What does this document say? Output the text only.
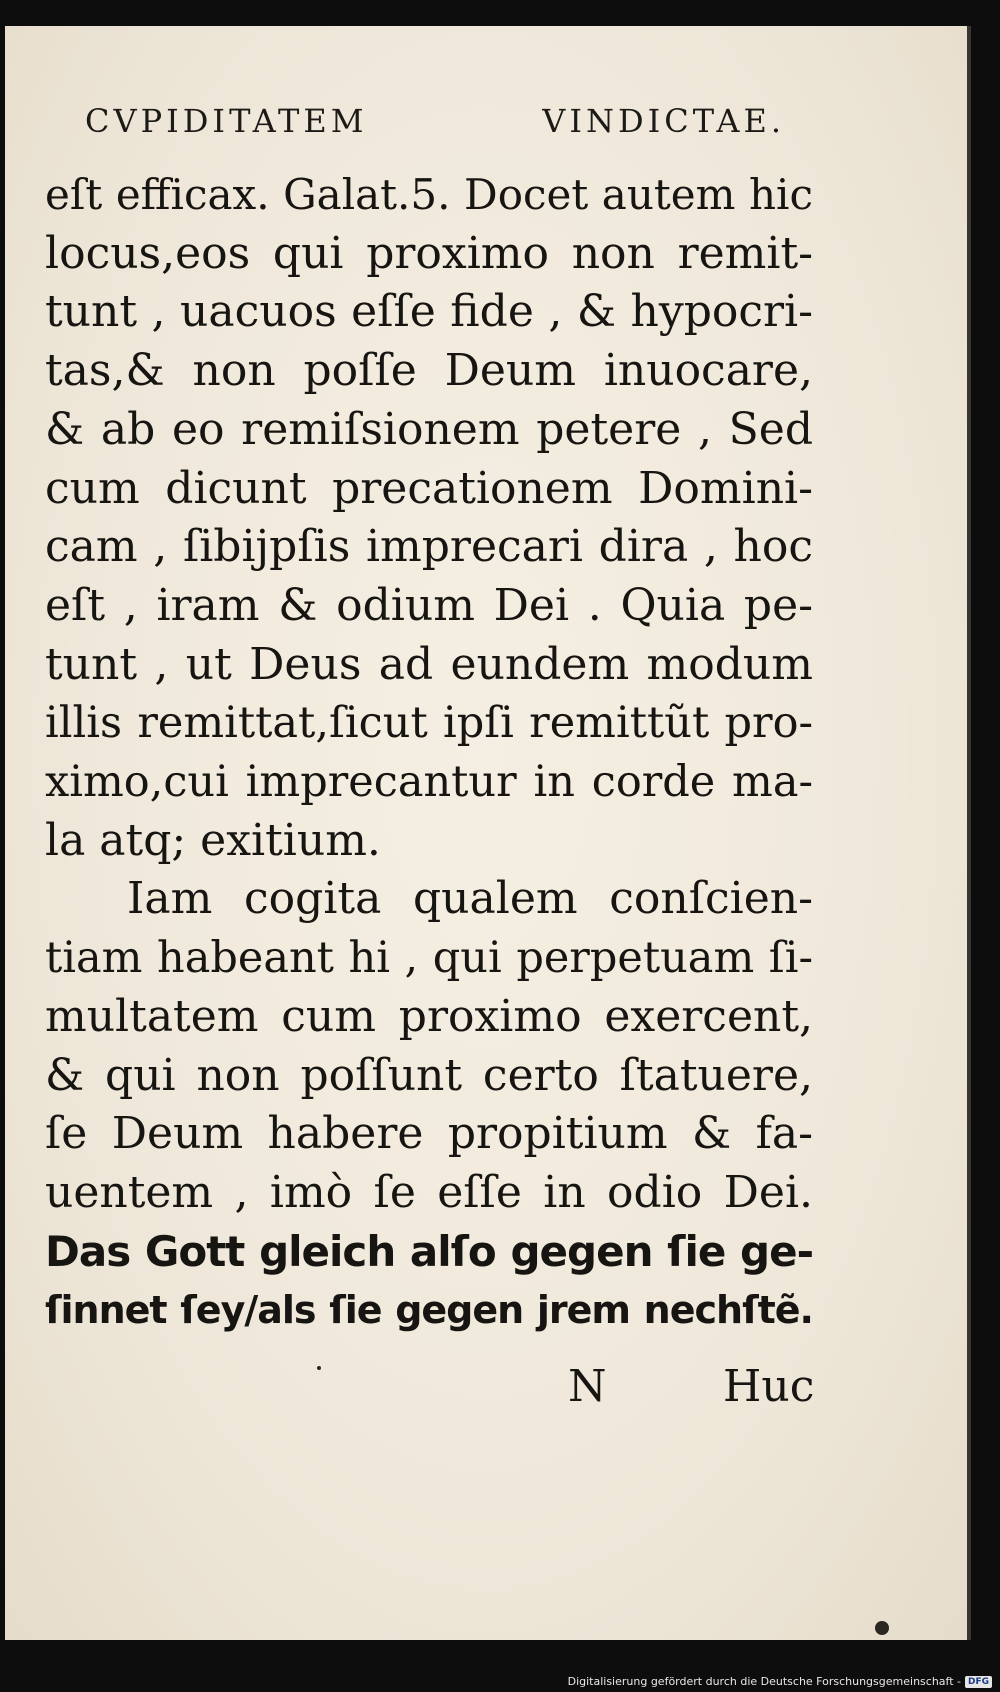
CVPIDITATEM	VINDICTAE.
eſt efficax. Galat.5. Docet autem hic
locus,eos qui proximo non remit-
tunt , uacuos eſſe fide , & hypocri-
tas,& non poſſe Deum inuocare,
& ab eo remiſsionem petere , Sed
cum dicunt precationem Domini-
cam , ſibijpſis imprecari dira , hoc
eſt , iram & odium Dei . Quia pe-
tunt , ut Deus ad eundem modum
illis remittat,ſicut ipſi remittũt pro-
ximo,cui imprecantur in corde ma-
la atq; exitium.
Iam cogita qualem conſcien-
tiam habeant hi , qui perpetuam ſi-
multatem cum proximo exercent,
& qui non poſſunt certo ſtatuere,
ſe Deum habere propitium & fa-
uentem , imò ſe eſſe in odio Dei.
Das Gott gleich alſo gegen ſie ge-
ſinnet ſey/als ſie gegen jrem nechſtẽ.
N	Huc
Digitalisierung gefördert durch die Deutsche Forschungsgemeinschaft - DFG
